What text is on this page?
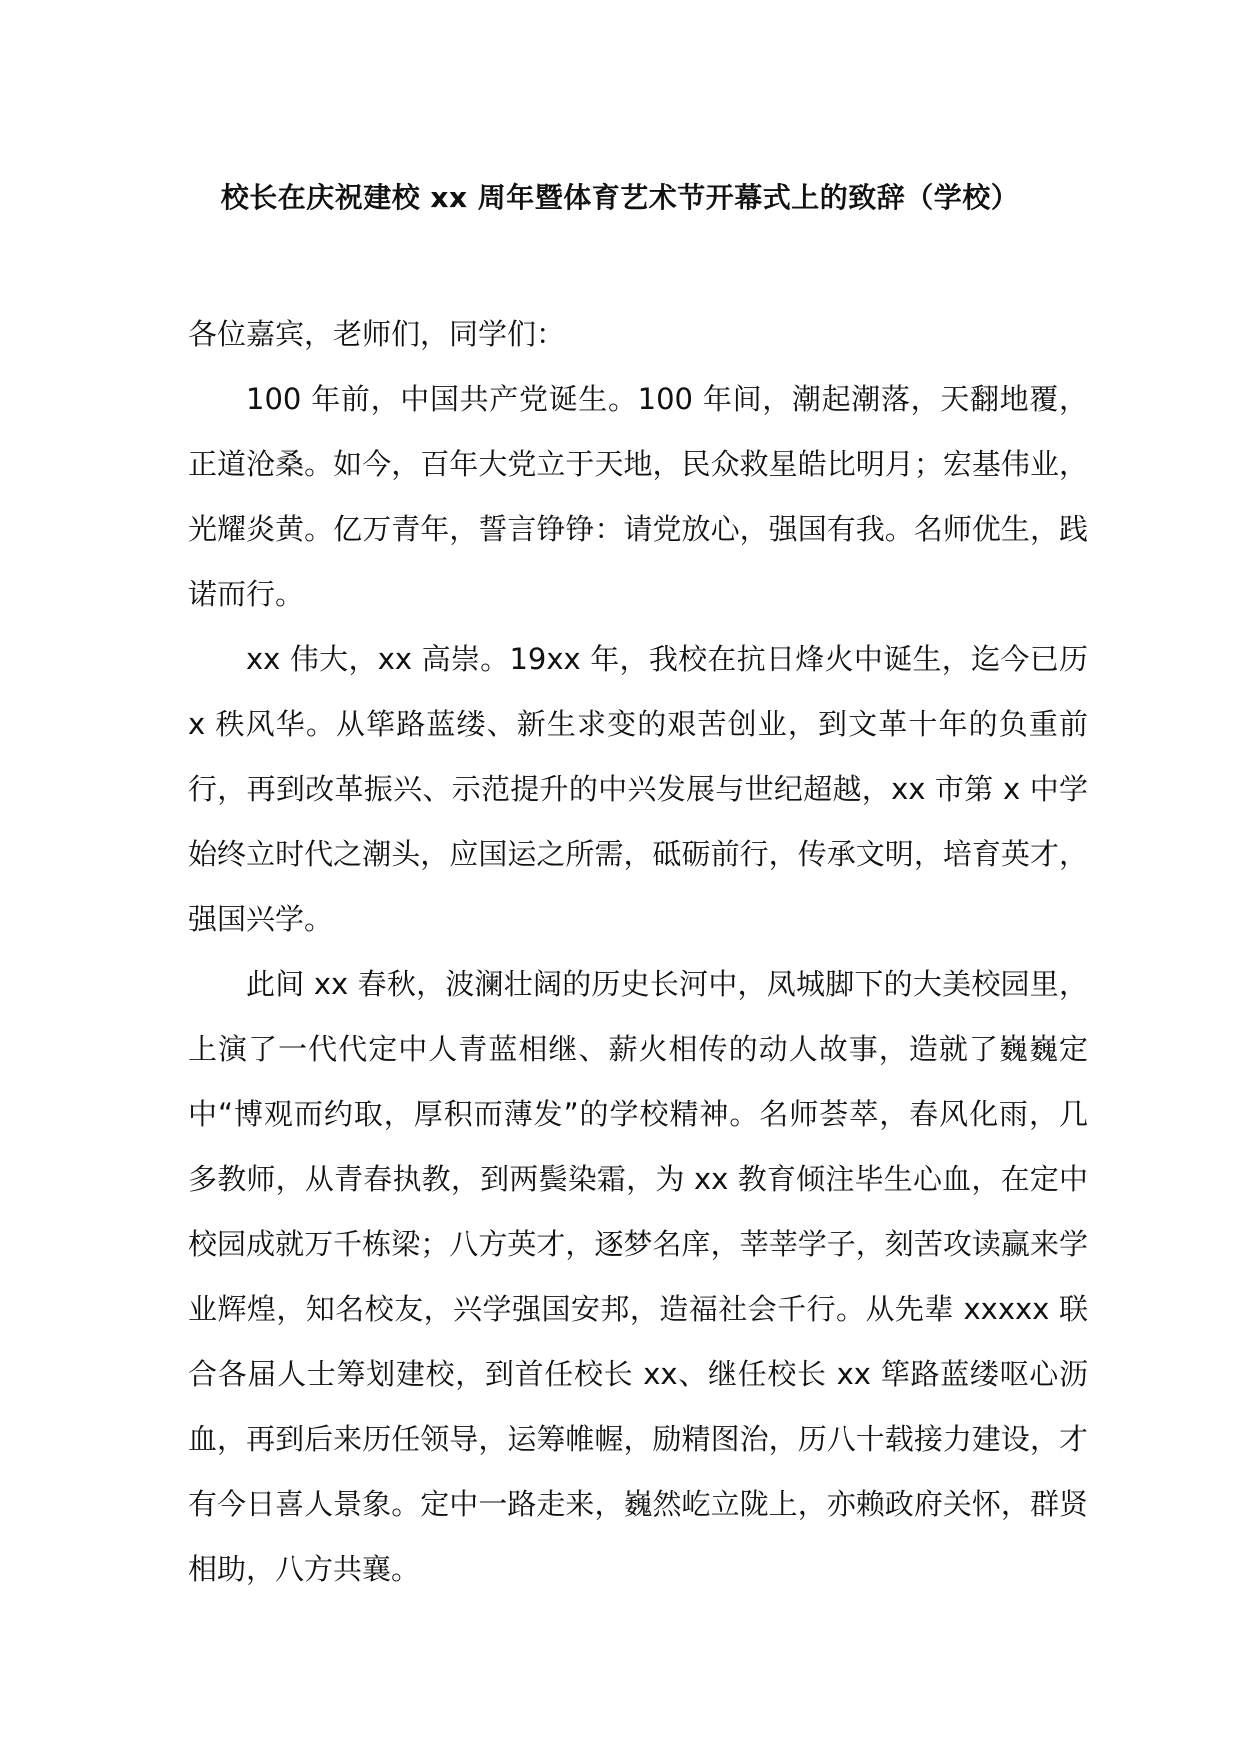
校长在庆祝建校 xx 周年暨体育艺术节开幕式上的致辞（学校）

各位嘉宾，老师们，同学们：

100 年前，中国共产党诞生。100 年间，潮起潮落，天翻地覆，正道沧桑。如今，百年大党立于天地，民众救星皓比明月；宏基伟业，光耀炎黄。亿万青年，誓言铮铮：请党放心，强国有我。名师优生，践诺而行。

xx 伟大，xx 高崇。19xx 年，我校在抗日烽火中诞生，迄今已历 x 秩风华。从筚路蓝缕、新生求变的艰苦创业，到文革十年的负重前行，再到改革振兴、示范提升的中兴发展与世纪超越，xx 市第 x 中学始终立时代之潮头，应国运之所需，砥砺前行，传承文明，培育英才，强国兴学。

此间 xx 春秋，波澜壮阔的历史长河中，凤城脚下的大美校园里，上演了一代代定中人青蓝相继、薪火相传的动人故事，造就了巍巍定中“博观而约取，厚积而薄发”的学校精神。名师荟萃，春风化雨，几多教师，从青春执教，到两鬓染霜，为 xx 教育倾注毕生心血，在定中校园成就万千栋梁；八方英才，逐梦名庠，莘莘学子，刻苦攻读赢来学业辉煌，知名校友，兴学强国安邦，造福社会千行。从先辈 xxxxx 联合各届人士筹划建校，到首任校长 xx、继任校长 xx 筚路蓝缕呕心沥血，再到后来历任领导，运筹帷幄，励精图治，历八十载接力建设，才有今日喜人景象。定中一路走来，巍然屹立陇上，亦赖政府关怀，群贤相助，八方共襄。
